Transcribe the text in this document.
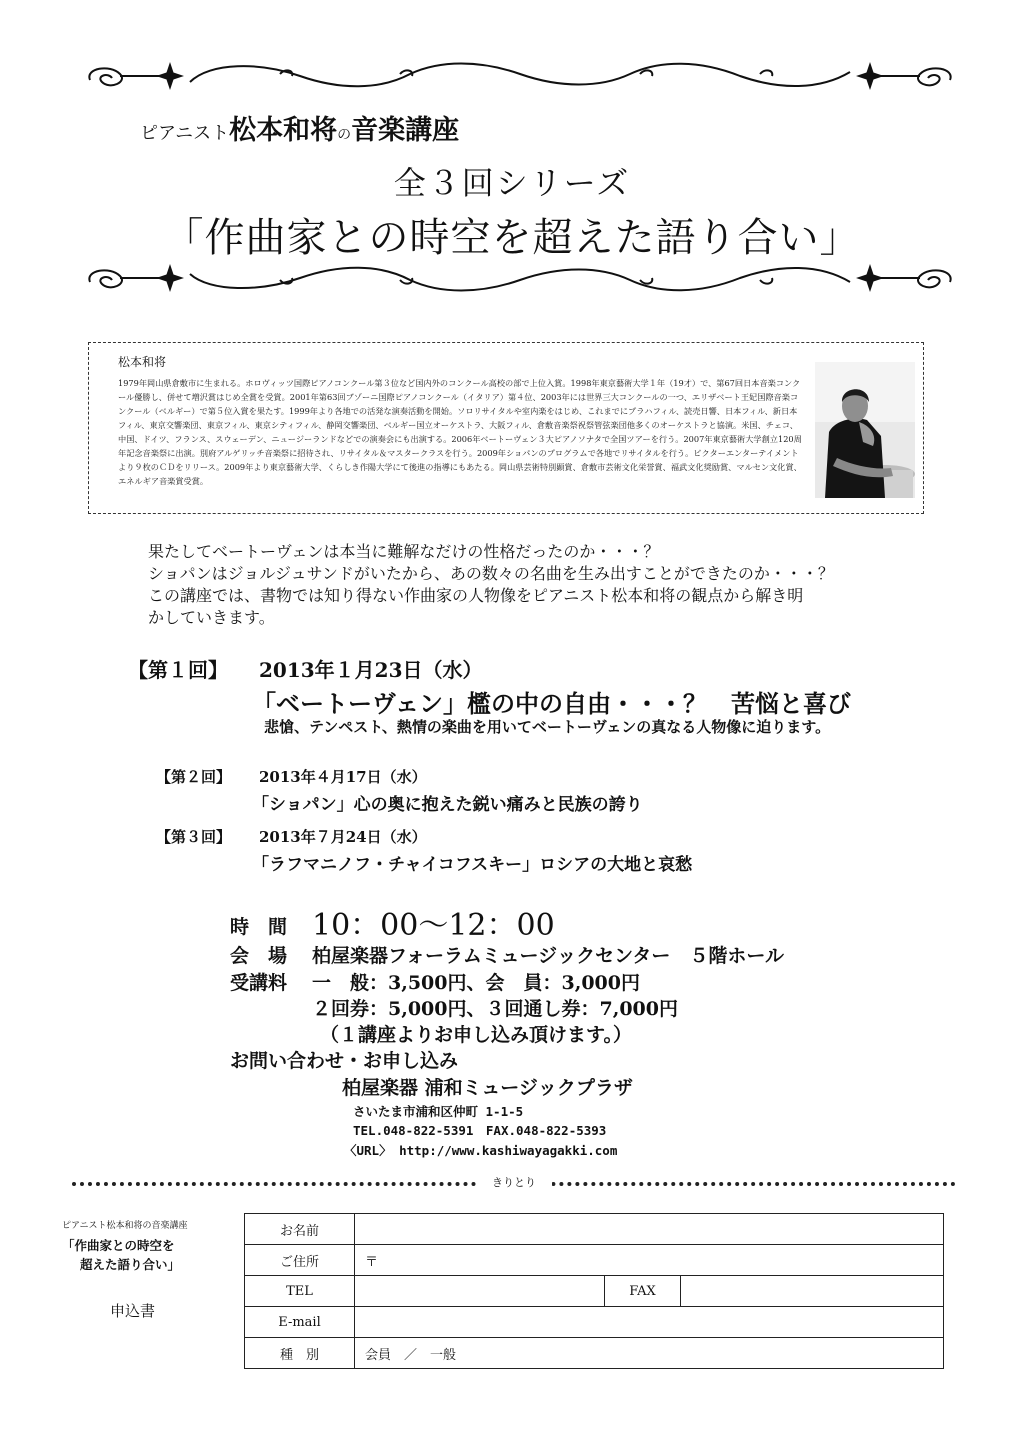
ピアニスト松本和将の音楽講座
全３回シリーズ
「作曲家との時空を超えた語り合い」
松本和将
1979年岡山県倉敷市に生まれる。ホロヴィッツ国際ピアノコンクール第３位など国内外のコンクール高校の部で上位入賞。1998年東京藝術大学１年（19才）で、第67回日本音楽コンクール優勝し、併せて増沢賞はじめ全賞を受賞。2001年第63回ブゾーニ国際ピアノコンクール（イタリア）第４位、2003年には世界三大コンクールの一つ、エリザベート王妃国際音楽コンクール（ベルギー）で第５位入賞を果たす。1999年より各地での活発な演奏活動を開始。ソロリサイタルや室内楽をはじめ、これまでにプラハフィル、読売日響、日本フィル、新日本フィル、東京交響楽団、東京フィル、東京シティフィル、静岡交響楽団、ベルギー国立オーケストラ、大阪フィル、倉敷音楽祭祝祭管弦楽団他多くのオーケストラと協演。米国、チェコ、中国、ドイツ、フランス、スウェーデン、ニュージーランドなどでの演奏会にも出演する。2006年ベートーヴェン３大ピアノソナタで全国ツアーを行う。2007年東京藝術大学創立120周年記念音楽祭に出演。別府アルゲリッチ音楽祭に招待され、リサイタル＆マスタークラスを行う。2009年ショパンのプログラムで各地でリサイタルを行う。ビクターエンターテイメントより９枚のＣＤをリリース。2009年より東京藝術大学、くらしき作陽大学にて後進の指導にもあたる。岡山県芸術特別顕賞、倉敷市芸術文化栄誉賞、福武文化奨励賞、マルセン文化賞、エネルギア音楽賞受賞。
果たしてベートーヴェンは本当に難解なだけの性格だったのか・・・？
ショパンはジョルジュサンドがいたから、あの数々の名曲を生み出すことができたのか・・・？
この講座では、書物では知り得ない作曲家の人物像をピアニスト松本和将の観点から解き明
かしていきます。
【第１回】 2013年１月23日（水）
「ベートーヴェン」檻の中の自由・・・？　苦悩と喜び
悲愴、テンペスト、熱情の楽曲を用いてベートーヴェンの真なる人物像に迫ります。
【第２回】 2013年４月17日（水）
「ショパン」心の奥に抱えた鋭い痛みと民族の誇り
【第３回】 2013年７月24日（水）
「ラフマニノフ・チャイコフスキー」ロシアの大地と哀愁
時　間 10：00～12：00
会　場 柏屋楽器フォーラムミュージックセンター　５階ホール
受講料 一　般：3,500円、会　員：3,000円
２回券：5,000円、３回通し券：7,000円
（１講座よりお申し込み頂けます。）
お問い合わせ・お申し込み
柏屋楽器 浦和ミュージックプラザ
さいたま市浦和区仲町 1-1-5
TEL.048-822-5391　FAX.048-822-5393
〈URL〉 http://www.kashiwayagakki.com
きりとり
ピアニスト松本和将の音楽講座
「作曲家との時空を
超えた語り合い」
申込書
お名前			
ご住所	〒		
TEL		FAX	
E-mail			
種　別	会員　／　一般		
